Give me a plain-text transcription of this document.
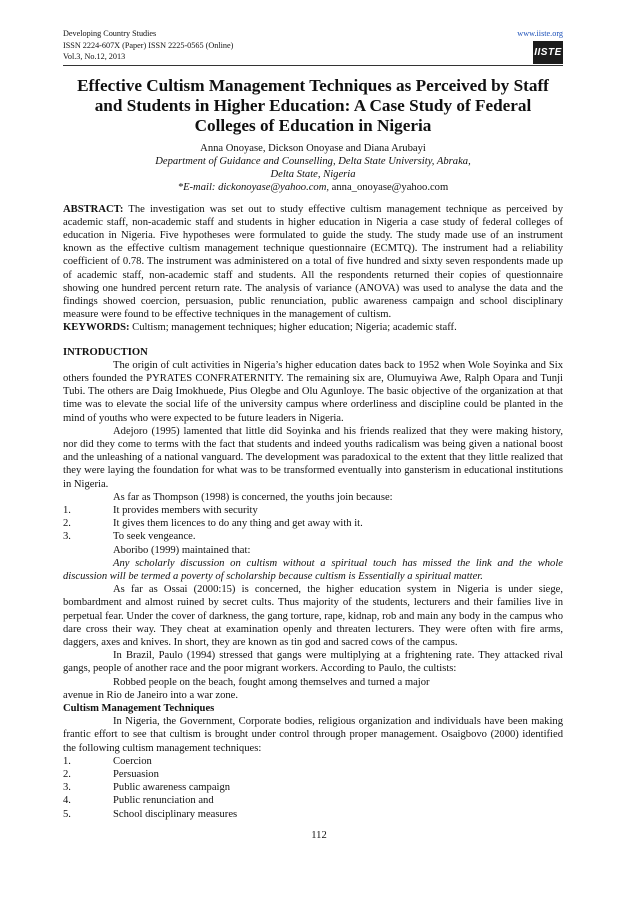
Developing Country Studies
ISSN 2224-607X (Paper) ISSN 2225-0565 (Online)
Vol.3, No.12, 2013
www.iiste.org
IISTE
Effective Cultism Management Techniques as Perceived by Staff and Students in Higher Education: A Case Study of Federal Colleges of Education in Nigeria
Anna Onoyase, Dickson Onoyase and Diana Arubayi
Department of Guidance and Counselling, Delta State University, Abraka,
Delta State, Nigeria
*E-mail: dickonoyase@yahoo.com, anna_onoyase@yahoo.com

ABSTRACT: The investigation was set out to study effective cultism management technique as perceived by academic staff, non-academic staff and students in higher education in Nigeria a case study of federal colleges of education in Nigeria. Five hypotheses were formulated to guide the study. The study made use of an instrument known as the effective cultism management technique questionnaire (ECMTQ). The instrument had a reliability coefficient of 0.78. The instrument was administered on a total of five hundred and sixty seven respondents made up of academic staff, non-academic staff and students. All the respondents returned their copies of questionnaire showing one hundred percent return rate. The analysis of variance (ANOVA) was used to analyse the data and the findings showed coercion, persuasion, public renunciation, public awareness campaign and school disciplinary measure were found to be effective techniques in the management of cultism.

KEYWORDS: Cultism; management techniques; higher education; Nigeria; academic staff.

INTRODUCTION

The origin of cult activities in Nigeria’s higher education dates back to 1952 when Wole Soyinka and Six others founded the PYRATES CONFRATERNITY. The remaining six are, Olumuyiwa Awe, Ralph Opara and Tunji Tubi. The others are Daig Imokhuede, Pius Olegbe and Olu Agunloye. The basic objective of the organization at that time was to elevate the social life of the university campus where orderliness and discipline could be planted in the mind of youths who were expected to be future leaders in Nigeria.

Adejoro (1995) lamented that little did Soyinka and his friends realized that they were making history, nor did they come to terms with the fact that students and indeed youths radicalism was being given a national boost and the unleashing of a national vanguard. The development was paradoxical to the extent that they little realized that they were laying the foundation for what was to be transformed eventually into gansterism in educational institutions in Nigeria.

As far as Thompson (1998) is concerned, the youths join because:

1.	It provides members with security
2.	It gives them licences to do any thing and get away with it.
3.	To seek vengeance.

Aboribo (1999) maintained that:

Any scholarly discussion on cultism without a spiritual touch has missed the link and the whole discussion will be termed a poverty of scholarship because cultism is Essentially a spiritual matter.

As far as Ossai (2000:15) is concerned, the higher education system in Nigeria is under siege, bombardment and almost ruined by secret cults. Thus majority of the students, lecturers and their families live in perpetual fear. Under the cover of darkness, the gang torture, rape, kidnap, rob and main any body in the campus who dare cross their way. They cheat at examination openly and threaten lecturers. They were often with fire arms, daggers, axes and knives. In short, they are known as tin god and sacred cows of the campus.

In Brazil, Paulo (1994) stressed that gangs were multiplying at a frightening rate. They attacked rival gangs, people of another race and the poor migrant workers. According to Paulo, the cultists:

Robbed people on the beach, fought among themselves and turned a major

avenue in Rio de Janeiro into a war zone.

Cultism Management Techniques

In Nigeria, the Government, Corporate bodies, religious organization and individuals have been making frantic effort to see that cultism is brought under control through proper management. Osaigbovo (2000) identified the following cultism management techniques:

1.	Coercion
2.	Persuasion
3.	Public awareness campaign
4.	Public renunciation and
5.	School disciplinary measures
112
